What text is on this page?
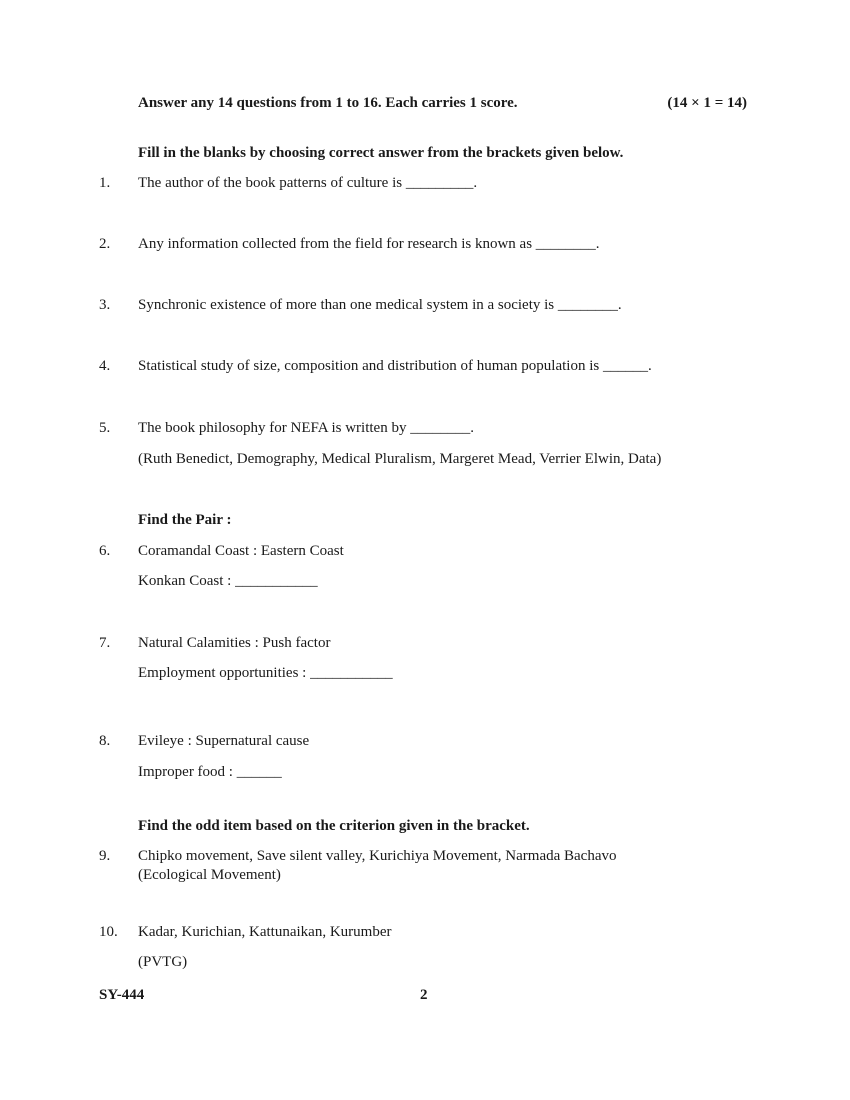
Answer any 14 questions from 1 to 16. Each carries 1 score.	(14 × 1 = 14)
Fill in the blanks by choosing correct answer from the brackets given below.
1. The author of the book patterns of culture is _________.
2. Any information collected from the field for research is known as ________.
3. Synchronic existence of more than one medical system in a society is ________.
4. Statistical study of size, composition and distribution of human population is ______.
5. The book philosophy for NEFA is written by ________.
(Ruth Benedict, Demography, Medical Pluralism, Margeret Mead, Verrier Elwin, Data)
Find the Pair :
6. Coramandal Coast : Eastern Coast
Konkan Coast : ___________
7. Natural Calamities : Push factor
Employment opportunities : ___________
8. Evileye : Supernatural cause
Improper food : ______
Find the odd item based on the criterion given in the bracket.
9. Chipko movement, Save silent valley, Kurichiya Movement, Narmada Bachavo
(Ecological Movement)
10. Kadar, Kurichian, Kattunaikan, Kurumber
(PVTG)
SY-444	2
